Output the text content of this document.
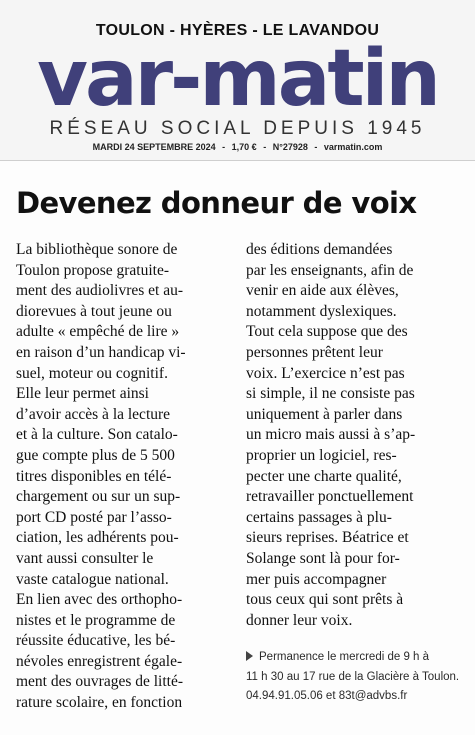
TOULON - HYÈRES - LE LAVANDOU
var-matin
RÉSEAU SOCIAL DEPUIS 1945
MARDI 24 SEPTEMBRE 2024 - 1,70 € - N°27928 - varmatin.com
Devenez donneur de voix
La bibliothèque sonore de
Toulon propose gratuite-
ment des audiolivres et au-
diorevues à tout jeune ou
adulte « empêché de lire »
en raison d’un handicap vi-
suel, moteur ou cognitif.
Elle leur permet ainsi
d’avoir accès à la lecture
et à la culture. Son catalo-
gue compte plus de 5 500
titres disponibles en télé-
chargement ou sur un sup-
port CD posté par l’asso-
ciation, les adhérents pou-
vant aussi consulter le
vaste catalogue national.
En lien avec des orthopho-
nistes et le programme de
réussite éducative, les bé-
névoles enregistrent égale-
ment des ouvrages de litté-
rature scolaire, en fonction
des éditions demandées
par les enseignants, afin de
venir en aide aux élèves,
notamment dyslexiques.
Tout cela suppose que des
personnes prêtent leur
voix. L’exercice n’est pas
si simple, il ne consiste pas
uniquement à parler dans
un micro mais aussi à s’ap-
proprier un logiciel, res-
pecter une charte qualité,
retravailler ponctuellement
certains passages à plu-
sieurs reprises. Béatrice et
Solange sont là pour for-
mer puis accompagner
tous ceux qui sont prêts à
donner leur voix.
Permanence le mercredi de 9 h à
11 h 30 au 17 rue de la Glacière à Toulon.
04.94.91.05.06 et 83t@advbs.fr
